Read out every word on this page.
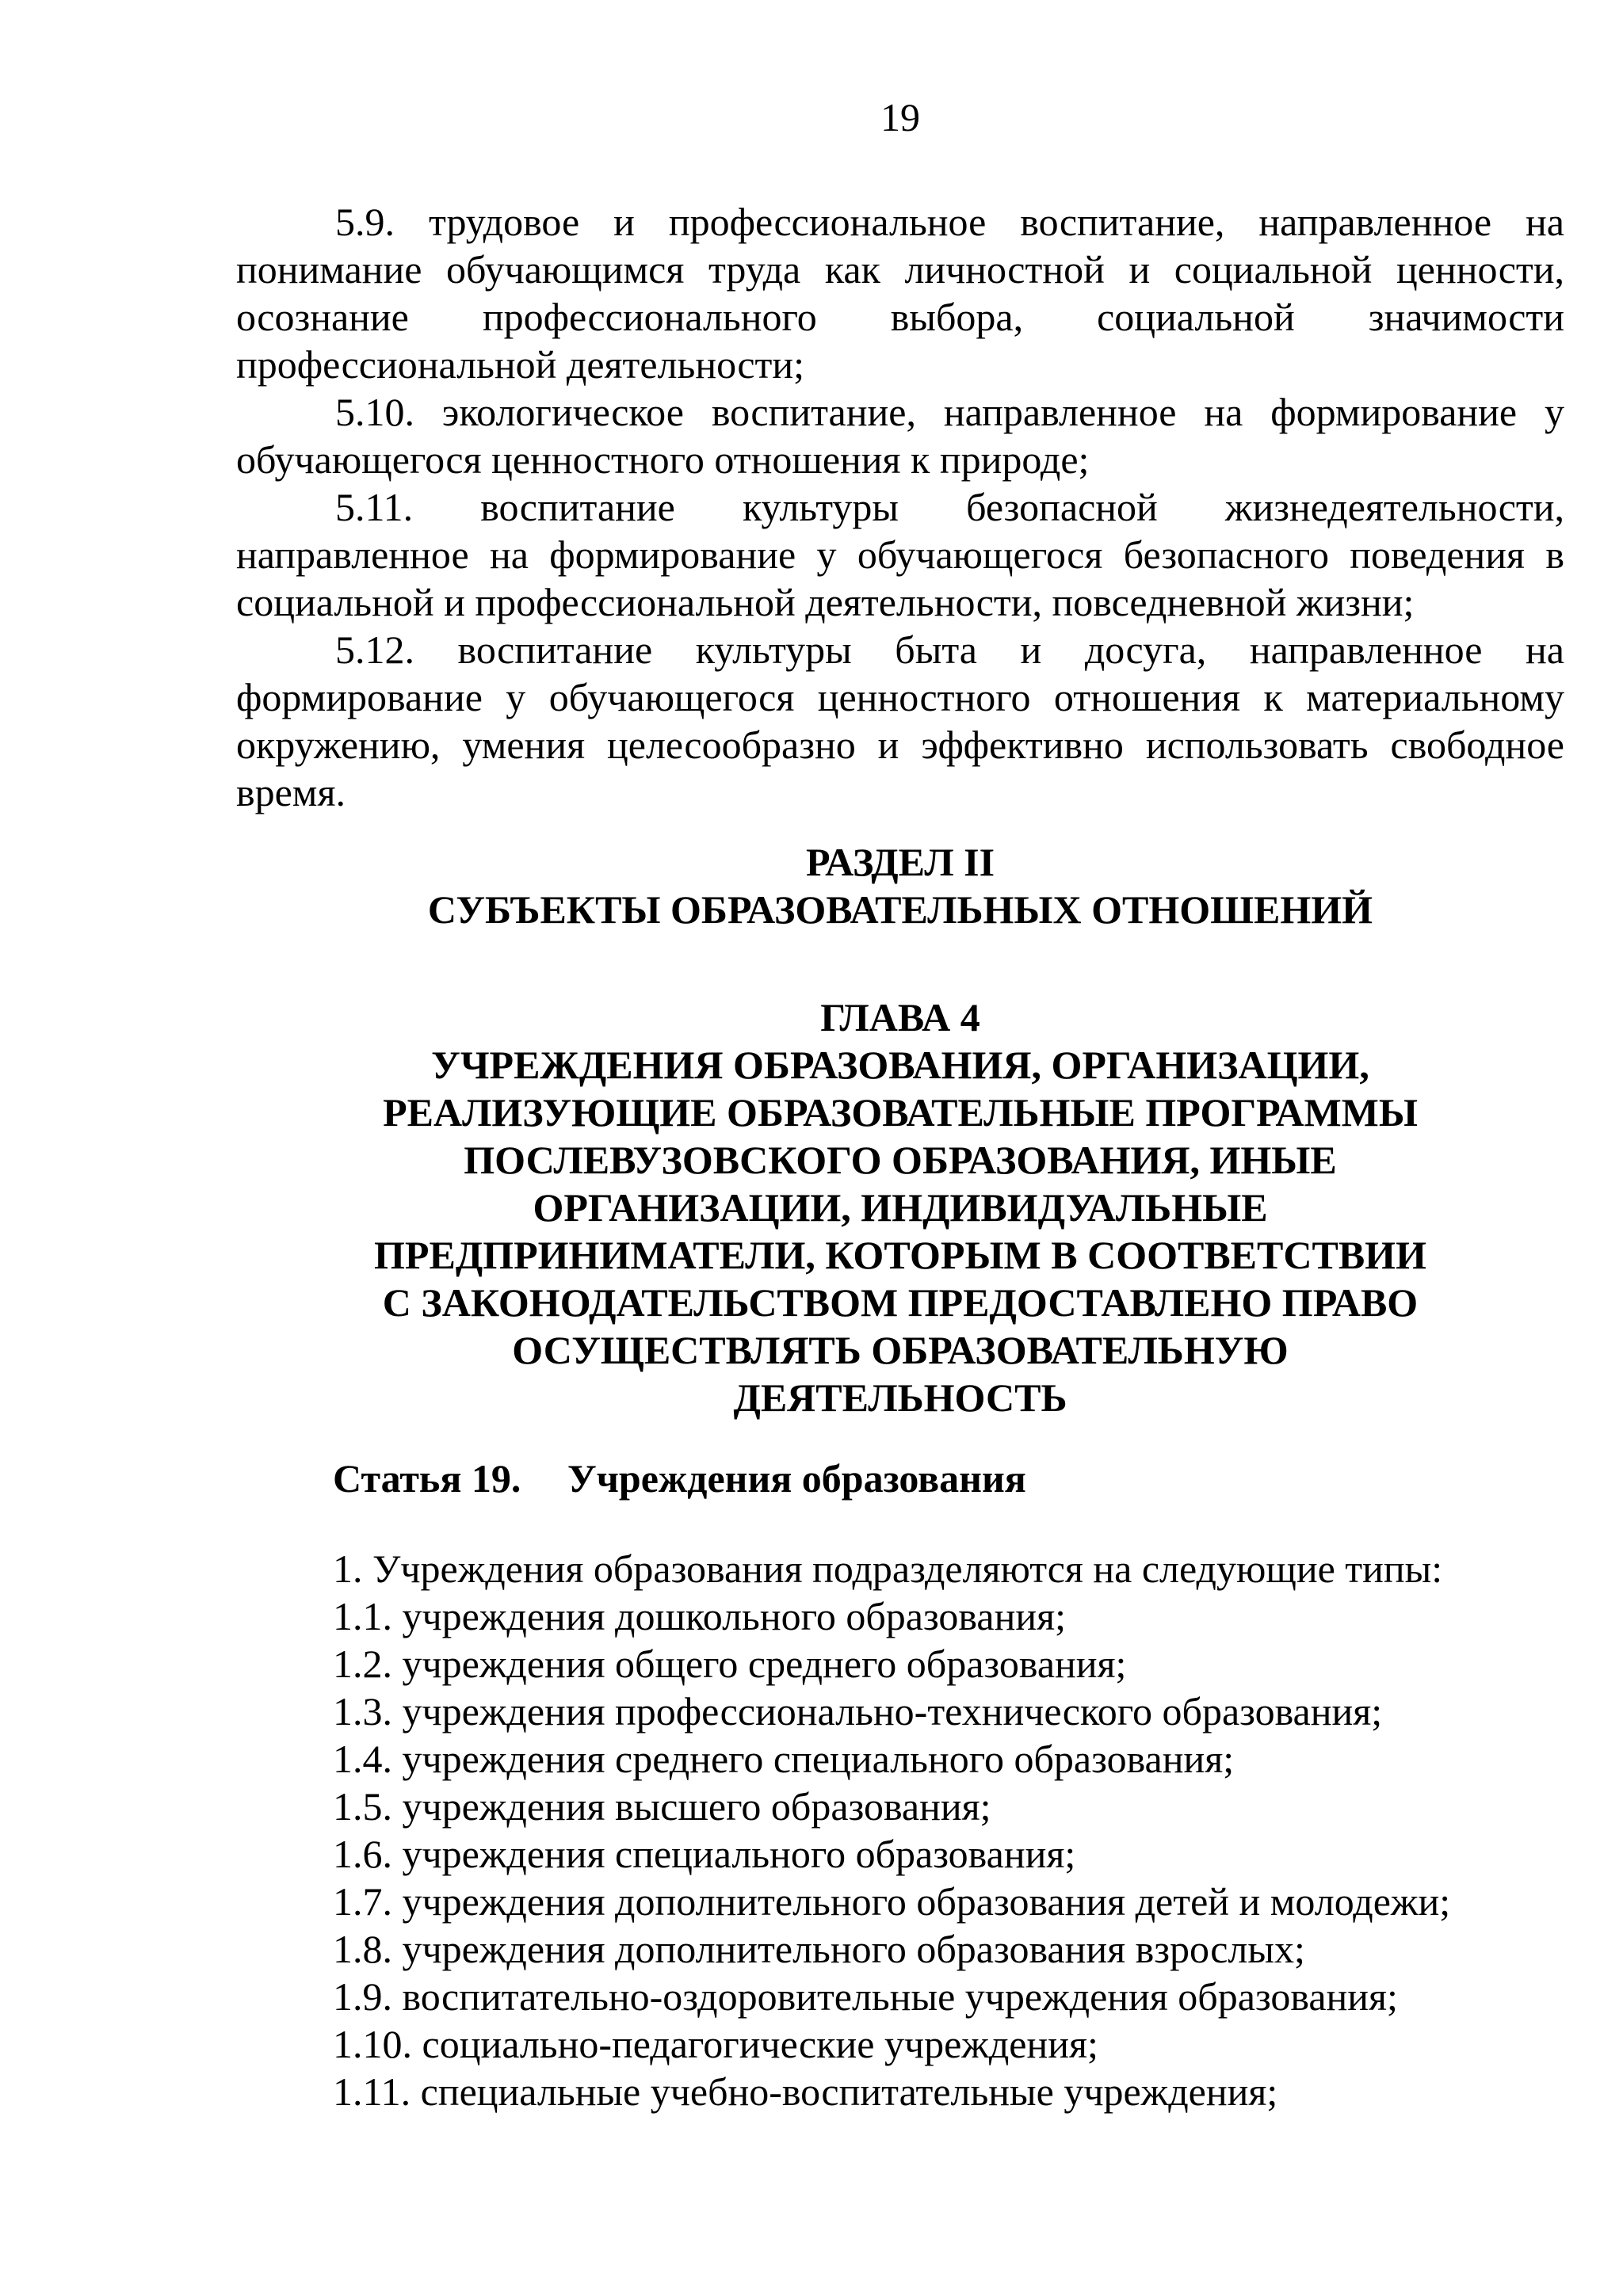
19

5.9. трудовое и профессиональное воспитание, направленное на понимание обучающимся труда как личностной и социальной ценности, осознание профессионального выбора, социальной значимости профессиональной деятельности;

5.10. экологическое воспитание, направленное на формирование у обучающегося ценностного отношения к природе;

5.11. воспитание культуры безопасной жизнедеятельности, направленное на формирование у обучающегося безопасного поведения в социальной и профессиональной деятельности, повседневной жизни;

5.12. воспитание культуры быта и досуга, направленное на формирование у обучающегося ценностного отношения к материальному окружению, умения целесообразно и эффективно использовать свободное время.

РАЗДЕЛ II
СУБЪЕКТЫ ОБРАЗОВАТЕЛЬНЫХ ОТНОШЕНИЙ
ГЛАВА 4
УЧРЕЖДЕНИЯ ОБРАЗОВАНИЯ, ОРГАНИЗАЦИИ,
РЕАЛИЗУЮЩИЕ ОБРАЗОВАТЕЛЬНЫЕ ПРОГРАММЫ
ПОСЛЕВУЗОВСКОГО ОБРАЗОВАНИЯ, ИНЫЕ
ОРГАНИЗАЦИИ, ИНДИВИДУАЛЬНЫЕ
ПРЕДПРИНИМАТЕЛИ, КОТОРЫМ В СООТВЕТСТВИИ
С ЗАКОНОДАТЕЛЬСТВОМ ПРЕДОСТАВЛЕНО ПРАВО
ОСУЩЕСТВЛЯТЬ ОБРАЗОВАТЕЛЬНУЮ
ДЕЯТЕЛЬНОСТЬ
Статья 19. Учреждения образования
1. Учреждения образования подразделяются на следующие типы:
1.1. учреждения дошкольного образования;
1.2. учреждения общего среднего образования;
1.3. учреждения профессионально-технического образования;
1.4. учреждения среднего специального образования;
1.5. учреждения высшего образования;
1.6. учреждения специального образования;
1.7. учреждения дополнительного образования детей и молодежи;
1.8. учреждения дополнительного образования взрослых;
1.9. воспитательно-оздоровительные учреждения образования;
1.10. социально-педагогические учреждения;
1.11. специальные учебно-воспитательные учреждения;
